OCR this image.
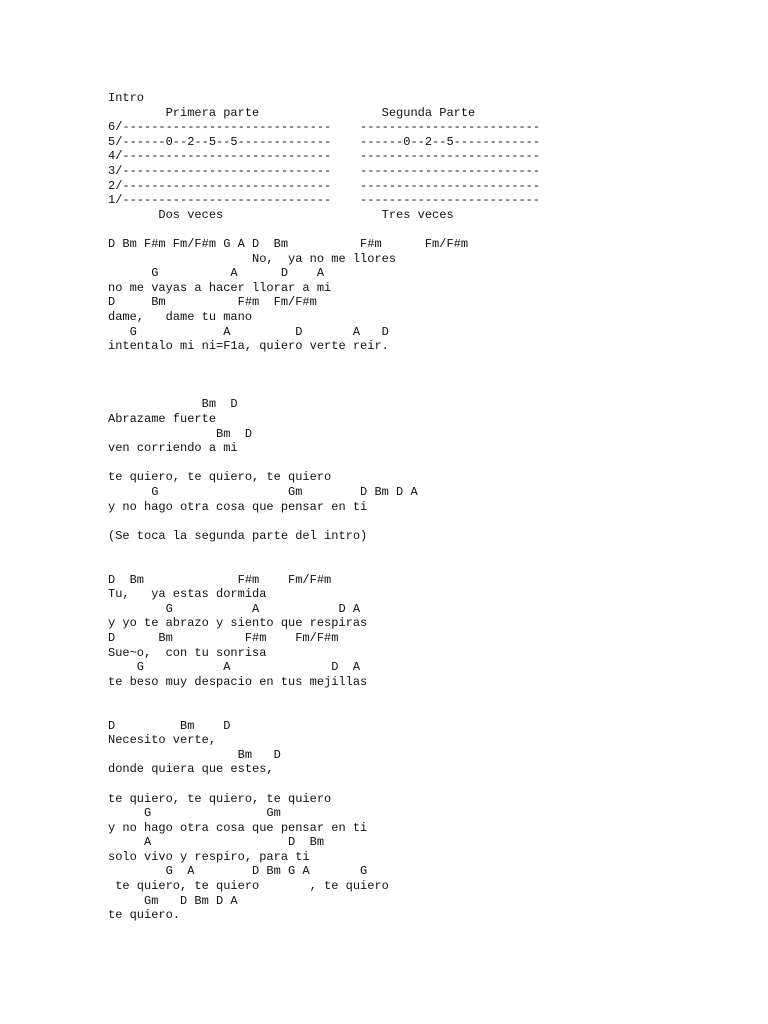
Intro
Primera parte                 Segunda Parte
6/-----------------------------    -------------------------
5/------0--2--5--5-------------    ------0--2--5------------
4/-----------------------------    -------------------------
3/-----------------------------    -------------------------
2/-----------------------------    -------------------------
1/-----------------------------    -------------------------
Dos veces                      Tres veces
D Bm F#m Fm/F#m G A D  Bm          F#m      Fm/F#m
No,  ya no me llores
G          A      D    A
no me vayas a hacer llorar a mi
D     Bm          F#m  Fm/F#m
dame,   dame tu mano
G            A         D       A   D
intentalo mi ni=F1a, quiero verte reir.
Bm  D
Abrazame fuerte
Bm  D
ven corriendo a mi
te quiero, te quiero, te quiero
G                  Gm        D Bm D A
y no hago otra cosa que pensar en ti
(Se toca la segunda parte del intro)
D  Bm             F#m    Fm/F#m
Tu,   ya estas dormida
G           A           D A
y yo te abrazo y siento que respiras
D      Bm          F#m    Fm/F#m
Sue~o,  con tu sonrisa
G           A              D  A
te beso muy despacio en tus mejillas
D         Bm    D
Necesito verte,
Bm   D
donde quiera que estes,
te quiero, te quiero, te quiero
G                Gm
y no hago otra cosa que pensar en ti
A                   D  Bm
solo vivo y respiro, para ti
G  A        D Bm G A       G
te quiero, te quiero       , te quiero
Gm   D Bm D A
te quiero.
